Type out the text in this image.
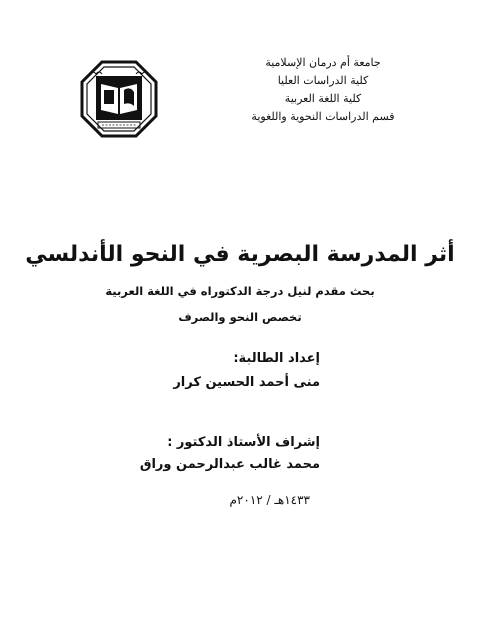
جامعة أم درمان الإسلامية
كلية الدراسات العليا
كلية اللغة العربية
قسم الدراسات النحوية واللغوية
أثر المدرسة البصرية في النحو الأندلسي
بحث مقدم لنيل درجة الدكتوراه في اللغة العربية
تخصص النحو والصرف
إعداد الطالبة:
منى أحمد الحسين كرار
إشراف الأستاذ الدكتور :
محمد غالب عبدالرحمن وراق
١٤٣٣هـ / ٢٠١٢م
